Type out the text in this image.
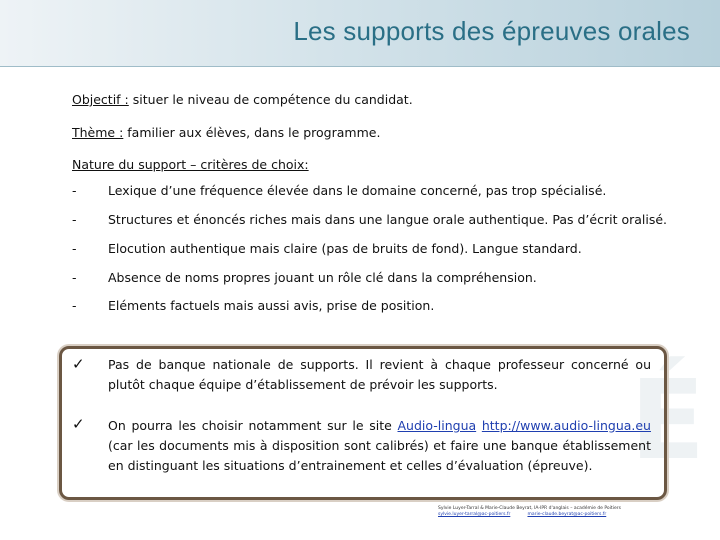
Les supports des épreuves orales
É
Objectif : situer le niveau de compétence du candidat.
Thème : familier aux élèves, dans le programme.
Nature du support – critères de choix:
-	Lexique d’une fréquence élevée dans le domaine concerné, pas trop spécialisé.
-	Structures et énoncés riches mais dans une langue orale authentique. Pas d’écrit oralisé.
-	Elocution authentique mais claire (pas de bruits de fond). Langue standard.
-	Absence de noms propres jouant un rôle clé dans la compréhension.
-	Eléments factuels mais aussi avis, prise de position.
✓ Pas de banque nationale de supports. Il revient à chaque professeur concerné ou plutôt chaque équipe d’établissement de prévoir les supports.
✓ On pourra les choisir notamment sur le site Audio-lingua http://www.audio-lingua.eu (car les documents mis à disposition sont calibrés) et faire une banque établissement en distinguant les situations d’entrainement et celles d’évaluation (épreuve).
Sylvie Luyer-Tarral & Marie-Claude Beyrat, IA-IPR d'anglais – académie de Poitiers
sylvie.luyer-tarral@ac-poitiers.fr	marie-claude.beyrat@ac-poitiers.fr
